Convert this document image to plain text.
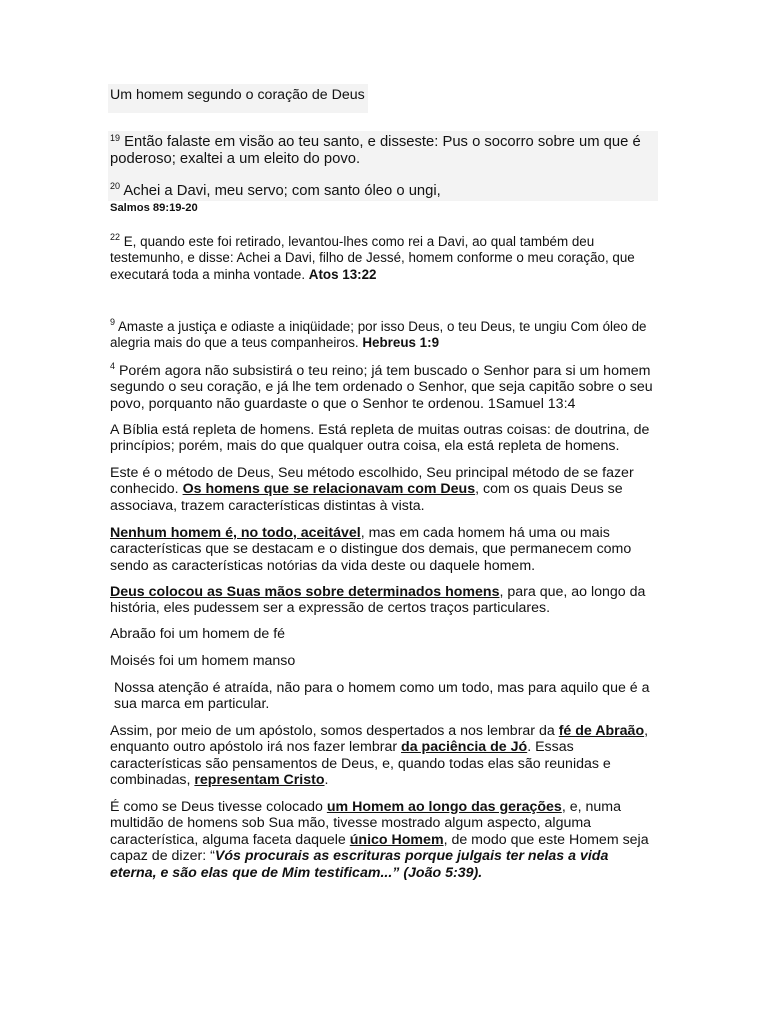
Um homem segundo o coração de Deus
$^{19}$ Então falaste em visão ao teu santo, e disseste: Pus o socorro sobre um que é poderoso; exaltei a um eleito do povo.
$^{20}$ Achei a Davi, meu servo; com santo óleo o ungi,
Salmos 89:19-20
$^{22}$ E, quando este foi retirado, levantou-lhes como rei a Davi, ao qual também deu testemunho, e disse: Achei a Davi, filho de Jessé, homem conforme o meu coração, que executará toda a minha vontade. Atos 13:22
$^9$ Amaste a justiça e odiaste a iniqüidade; por isso Deus, o teu Deus, te ungiu Com óleo de alegria mais do que a teus companheiros. Hebreus 1:9
$^4$ Porém agora não subsistirá o teu reino; já tem buscado o Senhor para si um homem segundo o seu coração, e já lhe tem ordenado o Senhor, que seja capitão sobre o seu povo, porquanto não guardaste o que o Senhor te ordenou. 1Samuel 13:4
A Bíblia está repleta de homens. Está repleta de muitas outras coisas: de doutrina, de princípios; porém, mais do que qualquer outra coisa, ela está repleta de homens.
Este é o método de Deus, Seu método escolhido, Seu principal método de se fazer conhecido. Os homens que se relacionavam com Deus, com os quais Deus se associava, trazem características distintas à vista.
Nenhum homem é, no todo, aceitável, mas em cada homem há uma ou mais características que se destacam e o distingue dos demais, que permanecem como sendo as características notórias da vida deste ou daquele homem.
Deus colocou as Suas mãos sobre determinados homens, para que, ao longo da história, eles pudessem ser a expressão de certos traços particulares.
Abraão foi um homem de fé
Moisés foi um homem manso
Nossa atenção é atraída, não para o homem como um todo, mas para aquilo que é a sua marca em particular.
Assim, por meio de um apóstolo, somos despertados a nos lembrar da fé de Abraão, enquanto outro apóstolo irá nos fazer lembrar da paciência de Jó. Essas características são pensamentos de Deus, e, quando todas elas são reunidas e combinadas, representam Cristo.
É como se Deus tivesse colocado um Homem ao longo das gerações, e, numa multidão de homens sob Sua mão, tivesse mostrado algum aspecto, alguma característica, alguma faceta daquele único Homem, de modo que este Homem seja capaz de dizer: “Vós procurais as escrituras porque julgais ter nelas a vida eterna, e são elas que de Mim testificam...” (João 5:39).
